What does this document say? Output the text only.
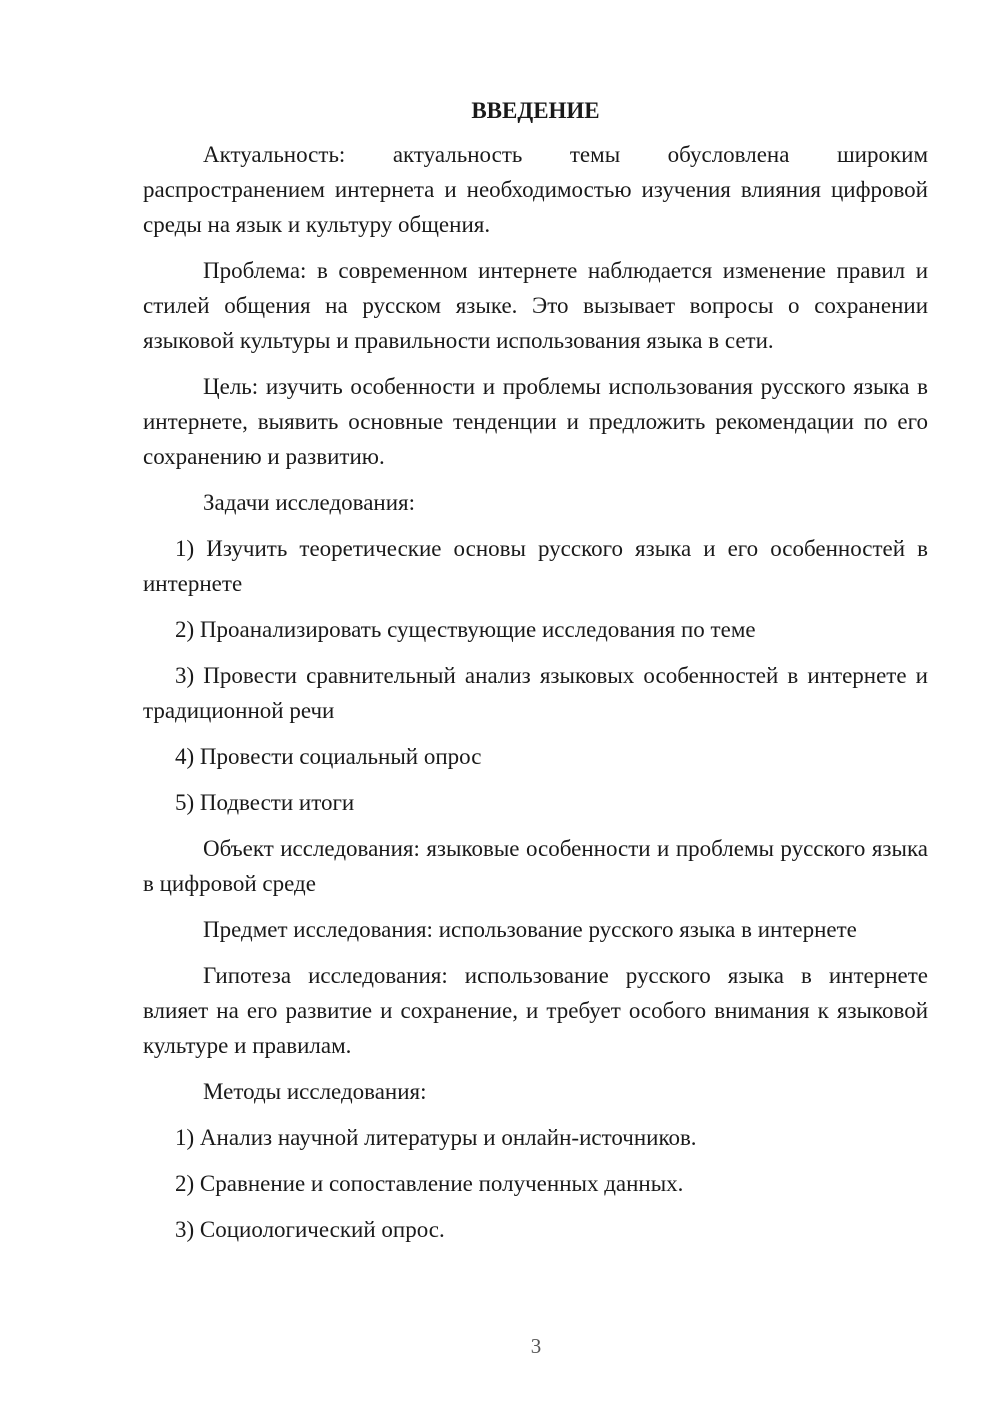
ВВЕДЕНИЕ

Актуальность: актуальность темы обусловлена широким распространением интернета и необходимостью изучения влияния цифровой среды на язык и культуру общения.

Проблема: в современном интернете наблюдается изменение правил и стилей общения на русском языке. Это вызывает вопросы о сохранении языковой культуры и правильности использования языка в сети.

Цель: изучить особенности и проблемы использования русского языка в интернете, выявить основные тенденции и предложить рекомендации по его сохранению и развитию.

Задачи исследования:

1) Изучить теоретические основы русского языка и его особенностей в интернете

2) Проанализировать существующие исследования по теме

3) Провести сравнительный анализ языковых особенностей в интернете и традиционной речи

4) Провести социальный опрос

5) Подвести итоги

Объект исследования: языковые особенности и проблемы русского языка в цифровой среде

Предмет исследования: использование русского языка в интернете

Гипотеза исследования: использование русского языка в интернете влияет на его развитие и сохранение, и требует особого внимания к языковой культуре и правилам.

Методы исследования:

1) Анализ научной литературы и онлайн-источников.

2) Сравнение и сопоставление полученных данных.

3) Социологический опрос.

3
